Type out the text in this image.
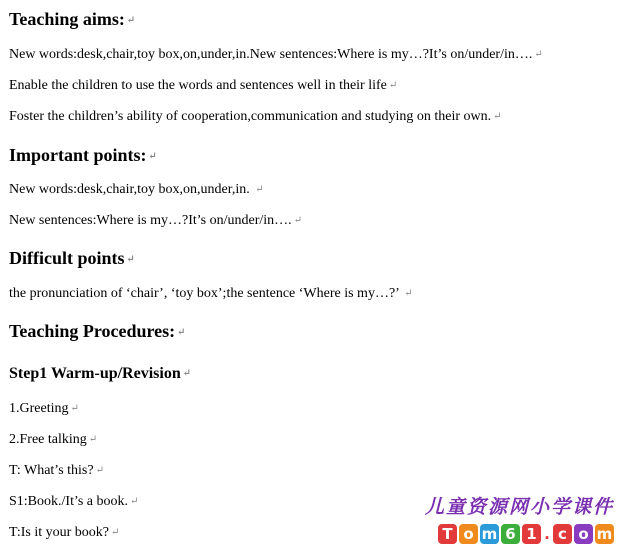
Teaching aims: ↵
New words:desk,chair,toy box,on,under,in.New sentences:Where is my…?It’s on/under/in…. ↵
Enable the children to use the words and sentences well in their life ↵
Foster the children’s ability of cooperation,communication and studying on their own. ↵
Important points: ↵
New words:desk,chair,toy box,on,under,in. ↵
New sentences:Where is my…?It’s on/under/in…. ↵
Difficult points ↵
the pronunciation of ‘chair’, ‘toy box’;the sentence ‘Where is my…?’ ↵
Teaching Procedures: ↵
Step1 Warm-up/Revision ↵
1.Greeting ↵
2.Free talking ↵
T: What’s this? ↵
S1:Book./It’s a book. ↵
T:Is it your book? ↵
儿童资源网小学课件
T o m 6 1 . c o m
